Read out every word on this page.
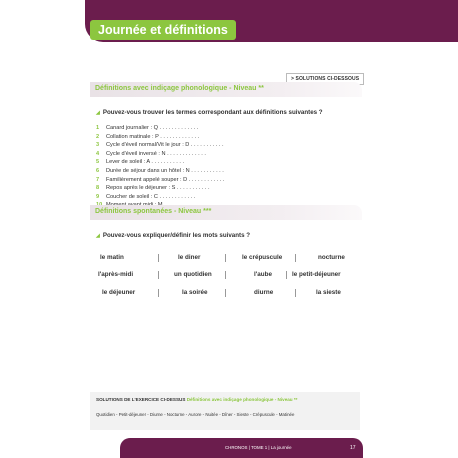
Journée et définitions
> SOLUTIONS CI-DESSOUS
Définitions avec indiçage phonologique - Niveau **
◢ Pouvez-vous trouver les termes correspondant aux définitions suivantes ?
1 Canard journalier : Q . . . . . . . . . . . . .
2 Collation matinale : P . . . . . . . . . . . . .
3 Cycle d'éveil normal/Vit le jour : D . . . . . . . . . . .
4 Cycle d'éveil inversé : N . . . . . . . . . . . . .
5 Lever de soleil : A . . . . . . . . . . .
6 Durée de séjour dans un hôtel : N . . . . . . . . . . .
7 Familièrement appelé souper : D . . . . . . . . . . . .
8 Repos après le déjeuner : S . . . . . . . . . . .
9 Coucher de soleil : C . . . . . . . . . . . .
Définitions spontanées - Niveau ***
◢ Pouvez-vous expliquer/définir les mots suivants ?
le matin	le diner	le crépuscule	nocturne
l'après-midi	un quotidien	l'aube	le petit-déjeuner
le déjeuner	la soirée	diurne	la sieste
SOLUTIONS DE L'EXERCICE CI-DESSUS Définitions avec indiçage phonologique - Niveau **
Quotidien - Petit-déjeuner - Diurne - Nocturne - Aurore - Nuitée - Dîner - Sieste - Crépuscule - Matinée
♠	CHRONOS | TOME 1 | La journée	17
